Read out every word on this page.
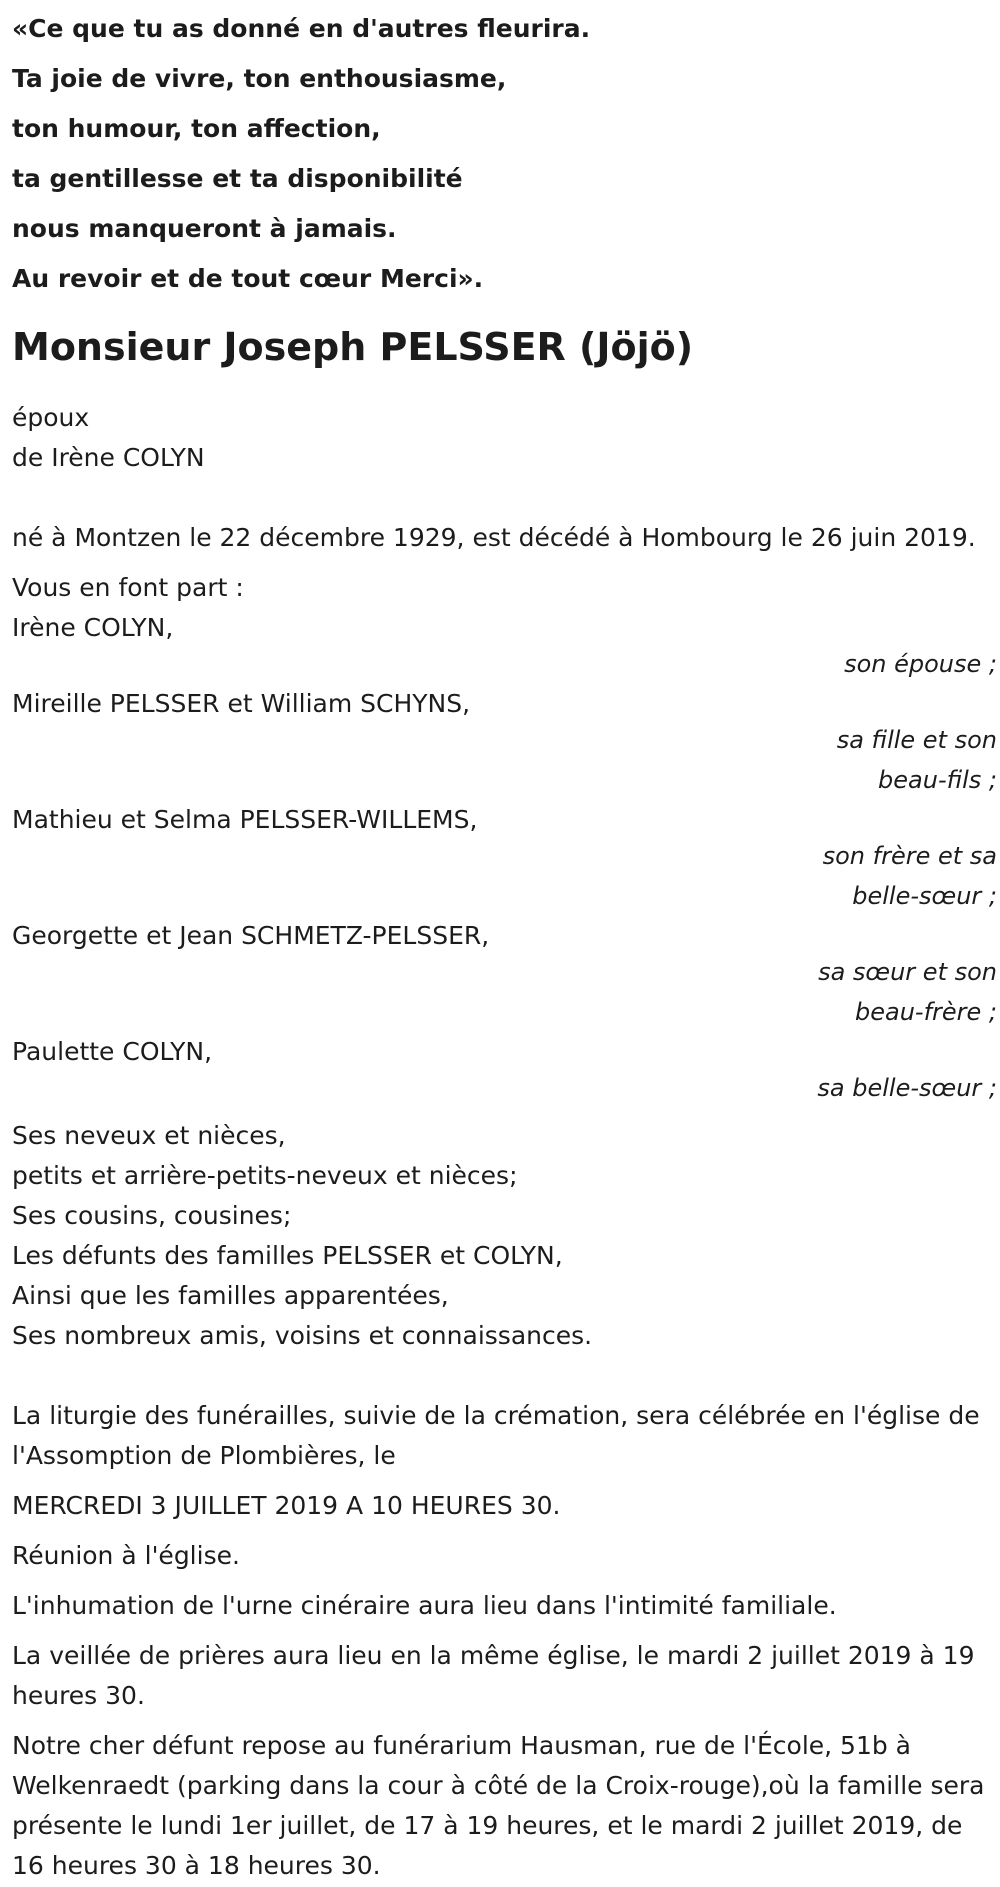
«Ce que tu as donné en d'autres fleurira.

Ta joie de vivre, ton enthousiasme,

ton humour, ton affection,

ta gentillesse et ta disponibilité

nous manqueront à jamais.

Au revoir et de tout cœur Merci».

Monsieur Joseph PELSSER (Jöjö)

époux

de Irène COLYN

né à Montzen le 22 décembre 1929, est décédé à Hombourg le 26 juin 2019.

Vous en font part :

Irène COLYN,

son épouse ;

Mireille PELSSER et William SCHYNS,

sa fille et son beau-fils ;

Mathieu et Selma PELSSER-WILLEMS,

son frère et sa belle-sœur ;

Georgette et Jean SCHMETZ-PELSSER,

sa sœur et son beau-frère ;

Paulette COLYN,

sa belle-sœur ;

Ses neveux et nièces,

petits et arrière-petits-neveux et nièces;

Ses cousins, cousines;

Les défunts des familles PELSSER et COLYN,

Ainsi que les familles apparentées,

Ses nombreux amis, voisins et connaissances.

La liturgie des funérailles, suivie de la crémation, sera célébrée en l'église de l'Assomption de Plombières, le

MERCREDI 3 JUILLET 2019 A 10 HEURES 30.

Réunion à l'église.

L'inhumation de l'urne cinéraire aura lieu dans l'intimité familiale.

La veillée de prières aura lieu en la même église, le mardi 2 juillet 2019 à 19 heures 30.

Notre cher défunt repose au funérarium Hausman, rue de l'École, 51b à Welkenraedt (parking dans la cour à côté de la Croix-rouge),où la famille sera présente le lundi 1er juillet, de 17 à 19 heures, et le mardi 2 juillet 2019, de 16 heures 30 à 18 heures 30.
